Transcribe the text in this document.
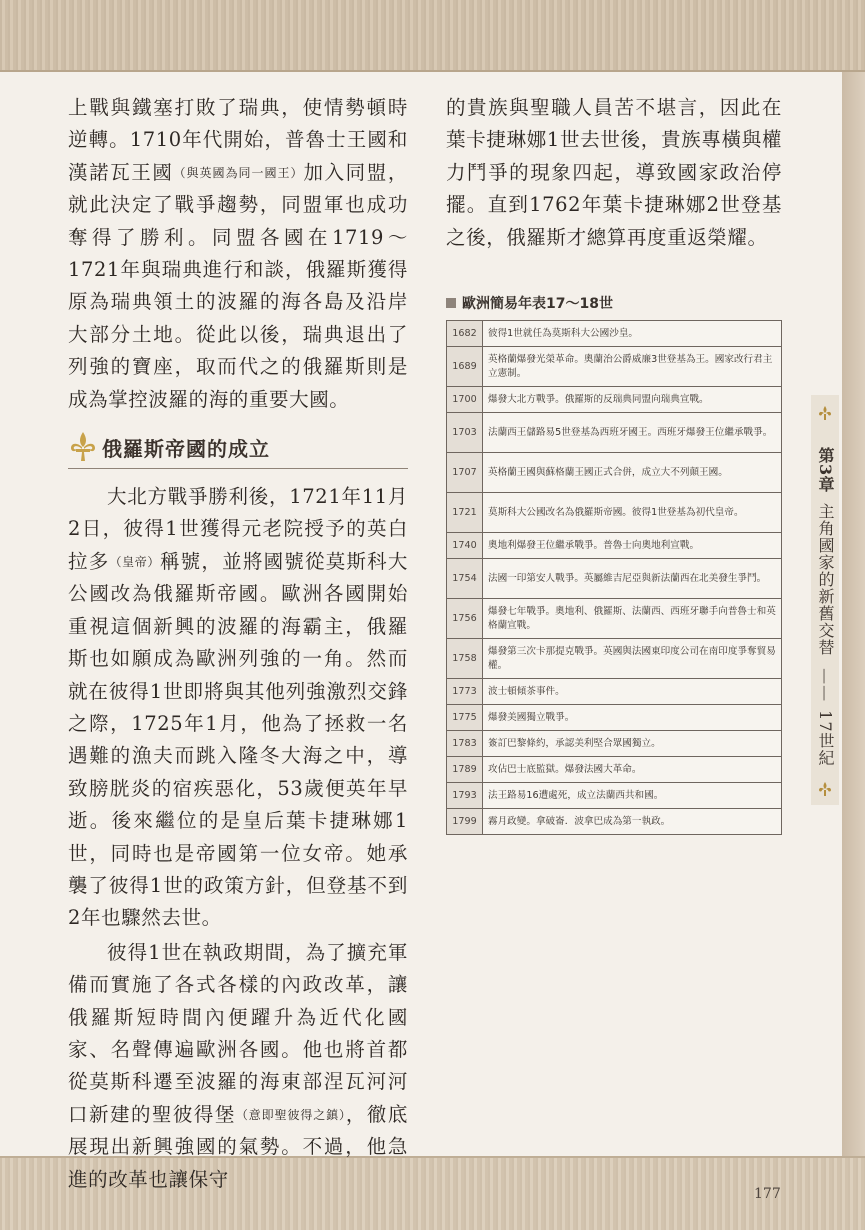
上戰與鐵塞打敗了瑞典，使情勢頓時逆轉。1710年代開始，普魯士王國和漢諾瓦王國（與英國為同一國王）加入同盟，就此決定了戰爭趨勢，同盟軍也成功奪得了勝利。同盟各國在1719〜1721年與瑞典進行和談，俄羅斯獲得原為瑞典領土的波羅的海各島及沿岸大部分土地。從此以後，瑞典退出了列強的寶座，取而代之的俄羅斯則是成為掌控波羅的海的重要大國。

俄羅斯帝國的成立

大北方戰爭勝利後，1721年11月2日，彼得1世獲得元老院授予的英白拉多（皇帝）稱號，並將國號從莫斯科大公國改為俄羅斯帝國。歐洲各國開始重視這個新興的波羅的海霸主，俄羅斯也如願成為歐洲列強的一角。然而就在彼得1世即將與其他列強激烈交鋒之際，1725年1月，他為了拯救一名遇難的漁夫而跳入隆冬大海之中，導致膀胱炎的宿疾惡化，53歲便英年早逝。後來繼位的是皇后葉卡捷琳娜1世，同時也是帝國第一位女帝。她承襲了彼得1世的政策方針，但登基不到2年也驟然去世。

彼得1世在執政期間，為了擴充軍備而實施了各式各樣的內政改革，讓俄羅斯短時間內便躍升為近代化國家、名聲傳遍歐洲各國。他也將首都從莫斯科遷至波羅的海東部涅瓦河河口新建的聖彼得堡（意即聖彼得之鎮），徹底展現出新興強國的氣勢。不過，他急進的改革也讓保守

的貴族與聖職人員苦不堪言，因此在葉卡捷琳娜1世去世後，貴族專橫與權力鬥爭的現象四起，導致國家政治停擺。直到1762年葉卡捷琳娜2世登基之後，俄羅斯才總算再度重返榮耀。

歐洲簡易年表17〜18世
1682	彼得1世就任為莫斯科大公國沙皇。
1689	英格蘭爆發光榮革命。奧蘭治公爵威廉3世登基為王。國家改行君主立憲制。
1700	爆發大北方戰爭。俄羅斯的反瑞典同盟向瑞典宣戰。
1703	法蘭西王儲路易5世登基為西班牙國王。西班牙爆發王位繼承戰爭。
1707	英格蘭王國與蘇格蘭王國正式合併，成立大不列顛王國。
1721	莫斯科大公國改名為俄羅斯帝國。彼得1世登基為初代皇帝。
1740	奧地利爆發王位繼承戰爭。普魯士向奧地利宣戰。
1754	法國一印第安人戰爭。英屬維吉尼亞與新法蘭西在北美發生爭鬥。
1756	爆發七年戰爭。奧地利、俄羅斯、法蘭西、西班牙聯手向普魯士和英格蘭宣戰。
1758	爆發第三次卡那提克戰爭。英國與法國東印度公司在南印度爭奪貿易權。
1773	波士頓傾茶事件。
1775	爆發美國獨立戰爭。
1783	簽訂巴黎條約，承認美利堅合眾國獨立。
1789	攻佔巴士底監獄。爆發法國大革命。
1793	法王路易16遭處死，成立法蘭西共和國。
1799	霧月政變。拿破崙．波拿巴成為第一執政。
第3章主角國家的新舊交替——17世紀
177
